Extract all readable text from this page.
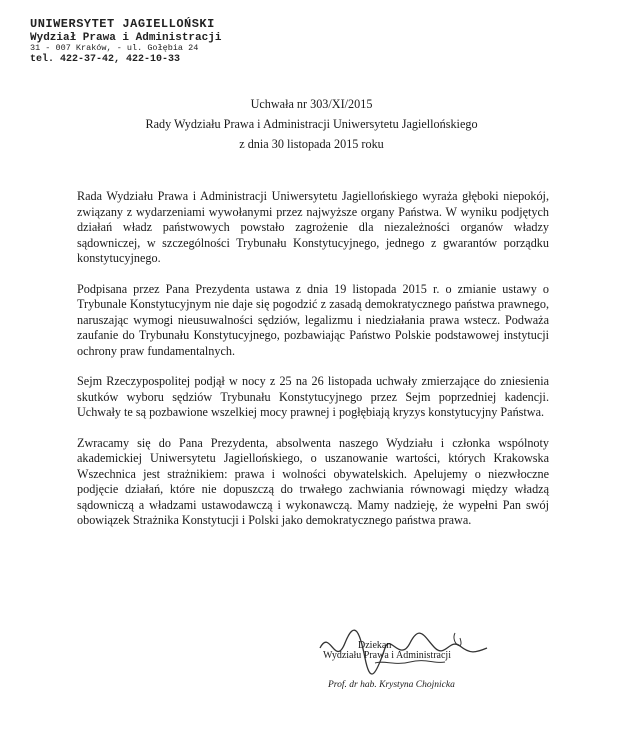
UNIWERSYTET JAGIELLOŃSKI
Wydział Prawa i Administracji
31 - 007 Kraków, - ul. Gołębia 24
tel. 422-37-42, 422-10-33
Uchwała nr 303/XI/2015
Rady Wydziału Prawa i Administracji Uniwersytetu Jagiellońskiego
z dnia 30 listopada 2015 roku

Rada Wydziału Prawa i Administracji Uniwersytetu Jagiellońskiego wyraża głęboki niepokój, związany z wydarzeniami wywołanymi przez najwyższe organy Państwa. W wyniku podjętych działań władz państwowych powstało zagrożenie dla niezależności organów władzy sądowniczej, w szczególności Trybunału Konstytucyjnego, jednego z gwarantów porządku konstytucyjnego.

Podpisana przez Pana Prezydenta ustawa z dnia 19 listopada 2015 r. o zmianie ustawy o Trybunale Konstytucyjnym nie daje się pogodzić z zasadą demokratycznego państwa prawnego, naruszając wymogi nieusuwalności sędziów, legalizmu i niedziałania prawa wstecz. Podważa zaufanie do Trybunału Konstytucyjnego, pozbawiając Państwo Polskie podstawowej instytucji ochrony praw fundamentalnych.

Sejm Rzeczypospolitej podjął w nocy z 25 na 26 listopada uchwały zmierzające do zniesienia skutków wyboru sędziów Trybunału Konstytucyjnego przez Sejm poprzedniej kadencji. Uchwały te są pozbawione wszelkiej mocy prawnej i pogłębiają kryzys konstytucyjny Państwa.

Zwracamy się do Pana Prezydenta, absolwenta naszego Wydziału i członka wspólnoty akademickiej Uniwersytetu Jagiellońskiego, o uszanowanie wartości, których Krakowska Wszechnica jest strażnikiem: prawa i wolności obywatelskich. Apelujemy o niezwłoczne podjęcie działań, które nie dopuszczą do trwałego zachwiania równowagi między władzą sądowniczą a władzami ustawodawczą i wykonawczą. Mamy nadzieję, że wypełni Pan swój obowiązek Strażnika Konstytucji i Polski jako demokratycznego państwa prawa.

Dziekan
Wydziału Prawa i Administracji
Prof. dr hab. Krystyna Chojnicka
